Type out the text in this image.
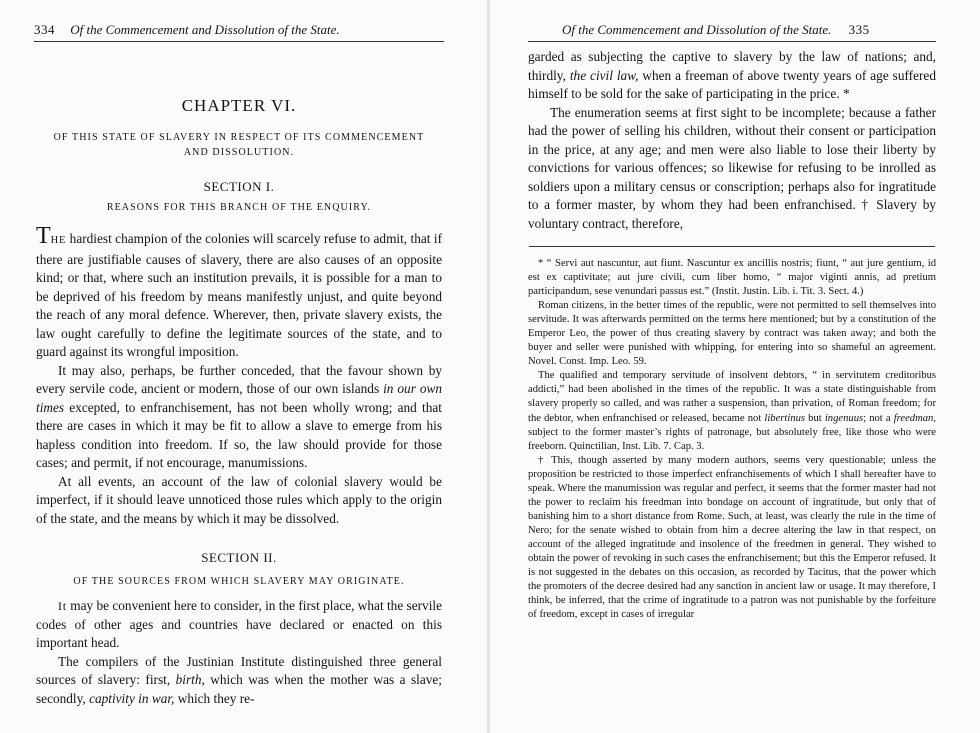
334 Of the Commencement and Dissolution of the State.
CHAPTER VI.
OF THIS STATE OF SLAVERY IN RESPECT OF ITS COMMENCEMENT
AND DISSOLUTION.
SECTION I.
REASONS FOR THIS BRANCH OF THE ENQUIRY.

THE hardiest champion of the colonies will scarcely refuse to admit, that if there are justifiable causes of slavery, there are also causes of an opposite kind; or that, where such an institution prevails, it is possible for a man to be deprived of his freedom by means manifestly unjust, and quite beyond the reach of any moral defence. Wherever, then, private slavery exists, the law ought carefully to define the legitimate sources of the state, and to guard against its wrongful imposition.

It may also, perhaps, be further conceded, that the favour shown by every servile code, ancient or modern, those of our own islands in our own times excepted, to enfranchisement, has not been wholly wrong; and that there are cases in which it may be fit to allow a slave to emerge from his hapless condition into freedom. If so, the law should provide for those cases; and permit, if not encourage, manumissions.

At all events, an account of the law of colonial slavery would be imperfect, if it should leave unnoticed those rules which apply to the origin of the state, and the means by which it may be dissolved.

SECTION II.
OF THE SOURCES FROM WHICH SLAVERY MAY ORIGINATE.

It may be convenient here to consider, in the first place, what the servile codes of other ages and countries have declared or enacted on this important head.

The compilers of the Justinian Institute distinguished three general sources of slavery: first, birth, which was when the mother was a slave; secondly, captivity in war, which they re-

Of the Commencement and Dissolution of the State. 335

garded as subjecting the captive to slavery by the law of nations; and, thirdly, the civil law, when a freeman of above twenty years of age suffered himself to be sold for the sake of participating in the price. *

The enumeration seems at first sight to be incomplete; because a father had the power of selling his children, without their consent or participation in the price, at any age; and men were also liable to lose their liberty by convictions for various offences; so likewise for refusing to be inrolled as soldiers upon a military census or conscription; perhaps also for ingratitude to a former master, by whom they had been enfranchised. † Slavery by voluntary contract, therefore,

* “ Servi aut nascuntur, aut fiunt. Nascuntur ex ancillis nostris; fiunt, “ aut jure gentium, id est ex captivitate; aut jure civili, cum liber homo, “ major viginti annis, ad pretium participandum, sese venundari passus est.” (Instit. Justin. Lib. i. Tit. 3. Sect. 4.)

Roman citizens, in the better times of the republic, were not permitted to sell themselves into servitude. It was afterwards permitted on the terms here mentioned; but by a constitution of the Emperor Leo, the power of thus creating slavery by contract was taken away; and both the buyer and seller were punished with whipping, for entering into so shameful an agreement. Novel. Const. Imp. Leo. 59.

The qualified and temporary servitude of insolvent debtors, “ in servitutem creditoribus addicti,” had been abolished in the times of the republic. It was a state distinguishable from slavery properly so called, and was rather a suspension, than privation, of Roman freedom; for the debtor, when enfranchised or released, became not libertinus but ingenuus; not a freedman, subject to the former master’s rights of patronage, but absolutely free, like those who were freeborn. Quinctilian, Inst. Lib. 7. Cap. 3.

† This, though asserted by many modern authors, seems very questionable; unless the proposition be restricted to those imperfect enfranchisements of which I shall hereafter have to speak. Where the manumission was regular and perfect, it seems that the former master had not the power to reclaim his freedman into bondage on account of ingratitude, but only that of banishing him to a short distance from Rome. Such, at least, was clearly the rule in the time of Nero; for the senate wished to obtain from him a decree altering the law in that respect, on account of the alleged ingratitude and insolence of the freedmen in general. They wished to obtain the power of revoking in such cases the enfranchisement; but this the Emperor refused. It is not suggested in the debates on this occasion, as recorded by Tacitus, that the power which the promoters of the decree desired had any sanction in ancient law or usage. It may therefore, I think, be inferred, that the crime of ingratitude to a patron was not punishable by the forfeiture of freedom, except in cases of irregular
